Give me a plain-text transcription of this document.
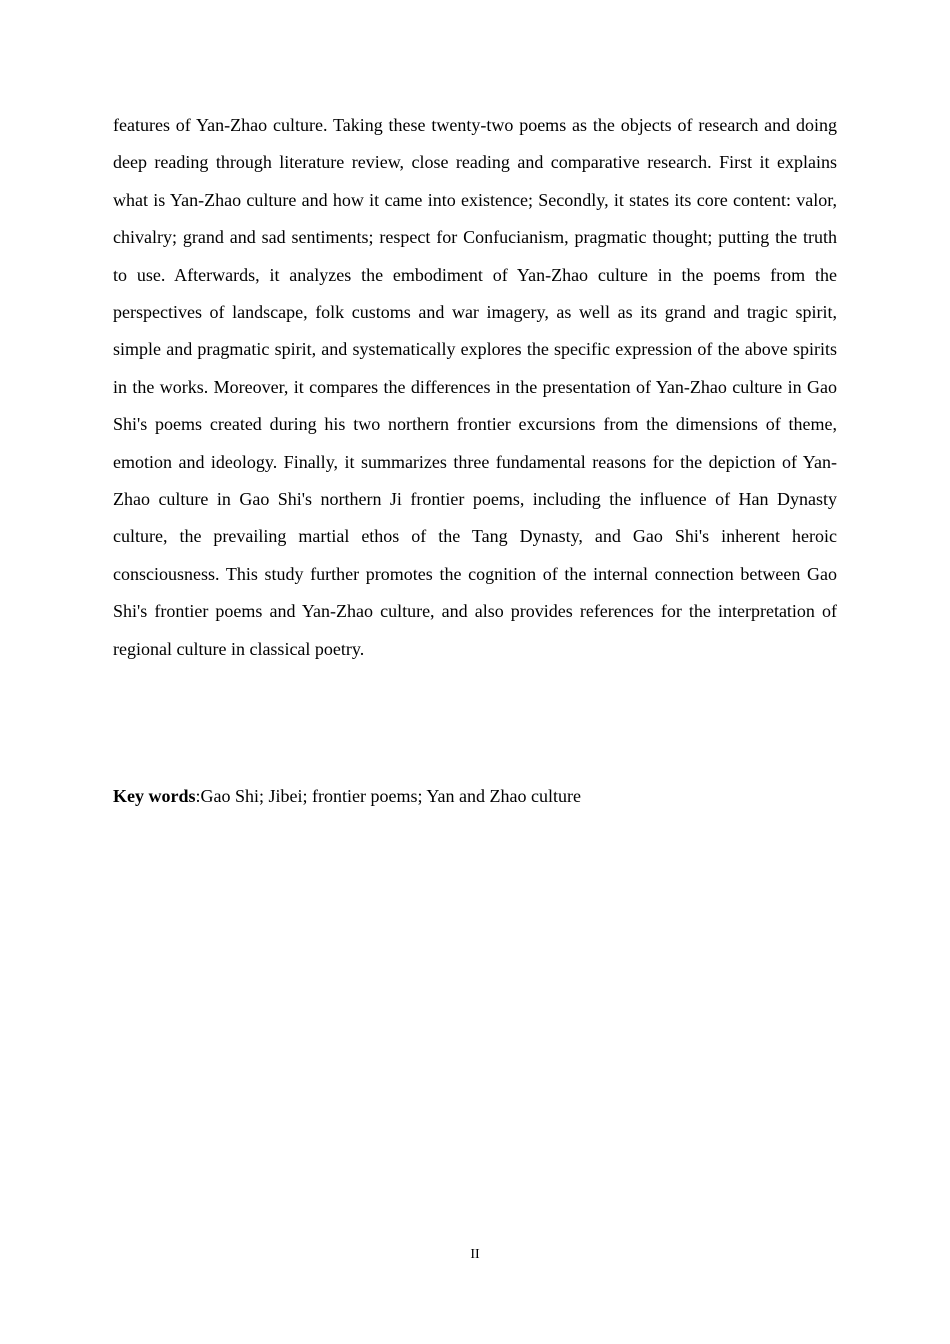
features of Yan-Zhao culture. Taking these twenty-two poems as the objects of research and doing deep reading through literature review, close reading and comparative research. First it explains what is Yan-Zhao culture and how it came into existence; Secondly, it states its core content: valor, chivalry; grand and sad sentiments; respect for Confucianism, pragmatic thought; putting the truth to use. Afterwards, it analyzes the embodiment of Yan-Zhao culture in the poems from the perspectives of landscape, folk customs and war imagery, as well as its grand and tragic spirit, simple and pragmatic spirit, and systematically explores the specific expression of the above spirits in the works. Moreover, it compares the differences in the presentation of Yan-Zhao culture in Gao Shi's poems created during his two northern frontier excursions from the dimensions of theme, emotion and ideology. Finally, it summarizes three fundamental reasons for the depiction of Yan-Zhao culture in Gao Shi's northern Ji frontier poems, including the influence of Han Dynasty culture, the prevailing martial ethos of the Tang Dynasty, and Gao Shi's inherent heroic consciousness. This study further promotes the cognition of the internal connection between Gao Shi's frontier poems and Yan-Zhao culture, and also provides references for the interpretation of regional culture in classical poetry.

Key words:Gao Shi; Jibei; frontier poems; Yan and Zhao culture

II
